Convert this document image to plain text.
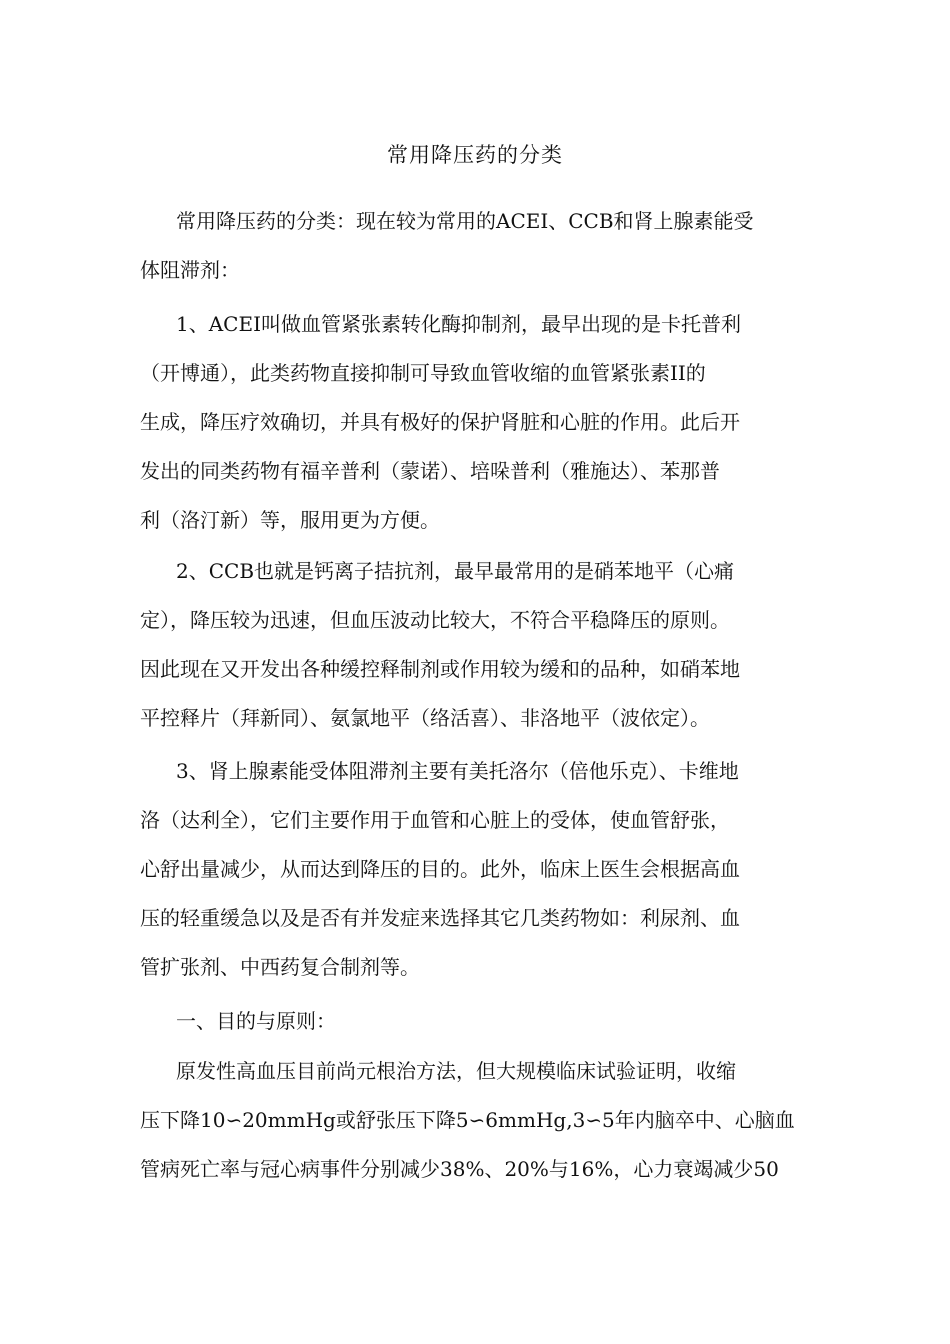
常用降压药的分类
常用降压药的分类：现在较为常用的ACEI、CCB和肾上腺素能受
体阻滞剂：
1、ACEI叫做血管紧张素转化酶抑制剂，最早出现的是卡托普利
（开博通），此类药物直接抑制可导致血管收缩的血管紧张素II的
生成，降压疗效确切，并具有极好的保护肾脏和心脏的作用。此后开
发出的同类药物有福辛普利（蒙诺）、培哚普利（雅施达）、苯那普
利（洛汀新）等，服用更为方便。
2、CCB也就是钙离子拮抗剂，最早最常用的是硝苯地平（心痛
定），降压较为迅速，但血压波动比较大，不符合平稳降压的原则。
因此现在又开发出各种缓控释制剂或作用较为缓和的品种，如硝苯地
平控释片（拜新同）、氨氯地平（络活喜）、非洛地平（波依定）。
3、肾上腺素能受体阻滞剂主要有美托洛尔（倍他乐克）、卡维地
洛（达利全），它们主要作用于血管和心脏上的受体，使血管舒张，
心舒出量减少，从而达到降压的目的。此外，临床上医生会根据高血
压的轻重缓急以及是否有并发症来选择其它几类药物如：利尿剂、血
管扩张剂、中西药复合制剂等。
一、目的与原则：
原发性高血压目前尚元根治方法，但大规模临床试验证明，收缩
压下降10∽20mmHg或舒张压下降5∽6mmHg,3∽5年内脑卒中、心脑血
管病死亡率与冠心病事件分别减少38%、20%与16%，心力衰竭减少50
